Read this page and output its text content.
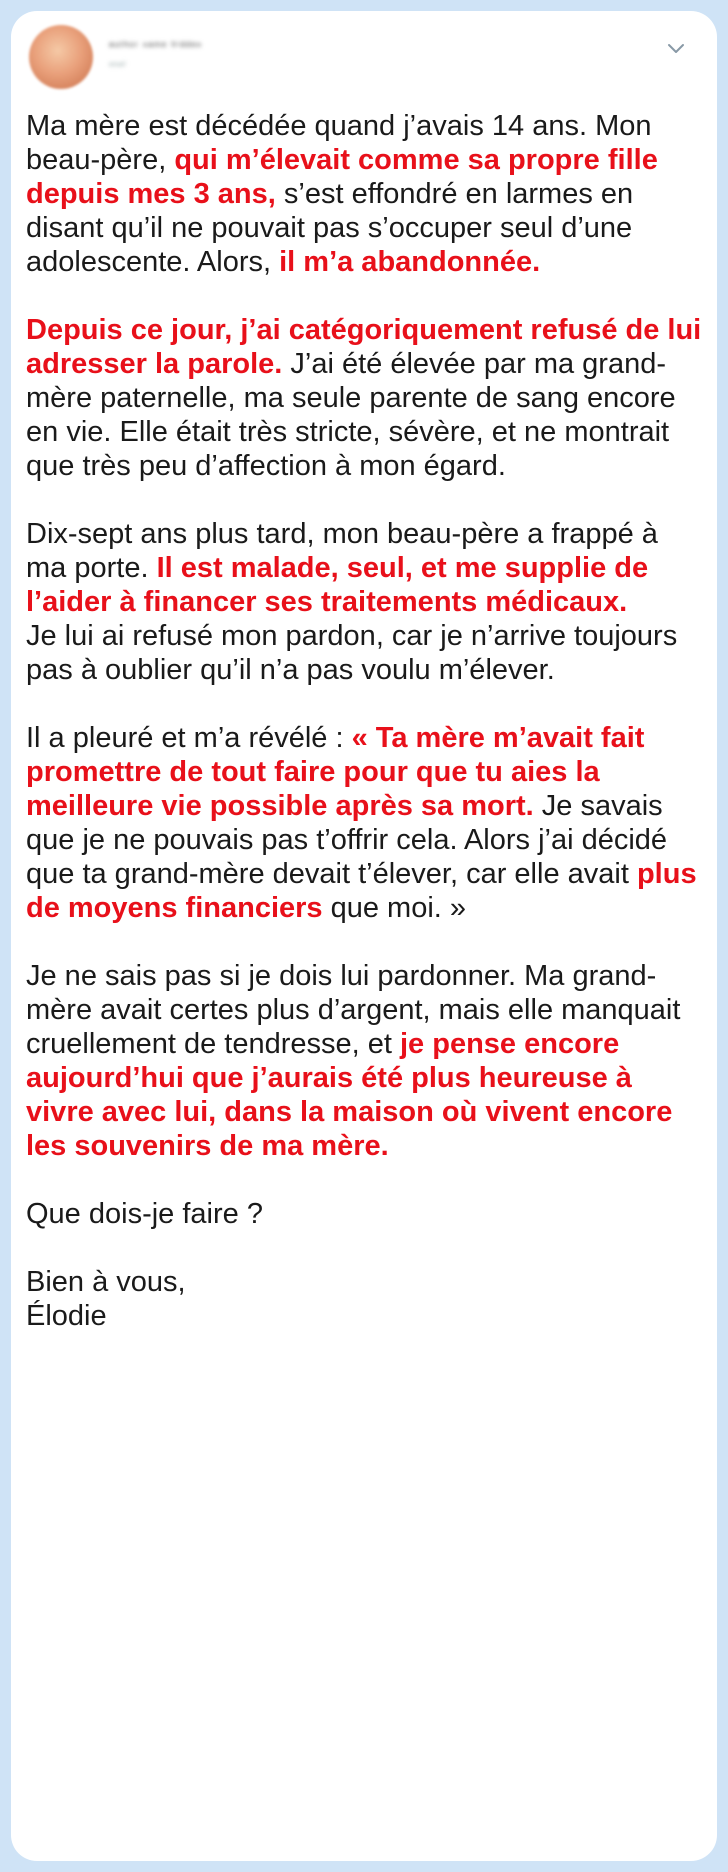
ᵃᵘᵗʰᵒʳ ⁿᵃᵐᵉ ʰⁱᵈᵈᵉⁿ
ᵉᵐᵃⁱˡ

Ma mère est décédée quand j’avais 14 ans. Mon beau-père, qui m’élevait comme sa propre fille depuis mes 3 ans, s’est effondré en larmes en disant qu’il ne pouvait pas s’occuper seul d’une adolescente. Alors, il m’a abandonnée.

Depuis ce jour, j’ai catégoriquement refusé de lui adresser la parole. J’ai été élevée par ma grand-mère paternelle, ma seule parente de sang encore en vie. Elle était très stricte, sévère, et ne montrait que très peu d’affection à mon égard.

Dix-sept ans plus tard, mon beau-père a frappé à ma porte. Il est malade, seul, et me supplie de l’aider à financer ses traitements médicaux.
Je lui ai refusé mon pardon, car je n’arrive toujours pas à oublier qu’il n’a pas voulu m’élever.

Il a pleuré et m’a révélé : « Ta mère m’avait fait promettre de tout faire pour que tu aies la meilleure vie possible après sa mort. Je savais que je ne pouvais pas t’offrir cela. Alors j’ai décidé que ta grand-mère devait t’élever, car elle avait plus de moyens financiers que moi. »

Je ne sais pas si je dois lui pardonner. Ma grand-mère avait certes plus d’argent, mais elle manquait cruellement de tendresse, et je pense encore aujourd’hui que j’aurais été plus heureuse à vivre avec lui, dans la maison où vivent encore les souvenirs de ma mère.

Que dois-je faire ?

Bien à vous,

Élodie
